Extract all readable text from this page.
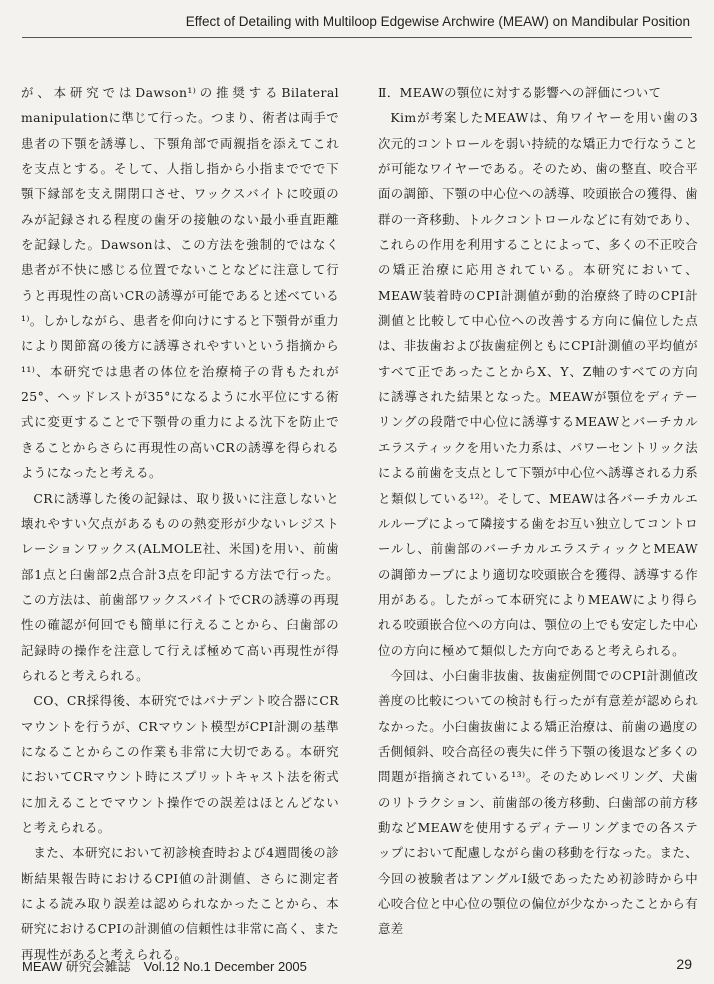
Effect of Detailing with Multiloop Edgewise Archwire (MEAW) on Mandibular Position

が、本研究ではDawson¹⁾の推奨するBilateral manipulationに準じて行った。つまり、術者は両手で患者の下顎を誘導し、下顎角部で両親指を添えてこれを支点とする。そして、人指し指から小指まででで下顎下縁部を支え開閉口させ、ワックスバイトに咬頭のみが記録される程度の歯牙の接触のない最小垂直距離を記録した。Dawsonは、この方法を強制的ではなく患者が不快に感じる位置でないことなどに注意して行うと再現性の高いCRの誘導が可能であると述べている¹⁾。しかしながら、患者を仰向けにすると下顎骨が重力により関節窩の後方に誘導されやすいという指摘から¹¹⁾、本研究では患者の体位を治療椅子の背もたれが25°、ヘッドレストが35°になるように水平位にする術式に変更することで下顎骨の重力による沈下を防止できることからさらに再現性の高いCRの誘導を得られるようになったと考える。

CRに誘導した後の記録は、取り扱いに注意しないと壊れやすい欠点があるものの熱変形が少ないレジストレーションワックス(ALMOLE社、米国)を用い、前歯部1点と臼歯部2点合計3点を印記する方法で行った。この方法は、前歯部ワックスバイトでCRの誘導の再現性の確認が何回でも簡単に行えることから、臼歯部の記録時の操作を注意して行えば極めて高い再現性が得られると考えられる。

CO、CR採得後、本研究ではパナデント咬合器にCRマウントを行うが、CRマウント模型がCPI計測の基準になることからこの作業も非常に大切である。本研究においてCRマウント時にスプリットキャスト法を術式に加えることでマウント操作での誤差はほとんどないと考えられる。

また、本研究において初診検査時および4週間後の診断結果報告時におけるCPI値の計測値、さらに測定者による読み取り誤差は認められなかったことから、本研究におけるCPIの計測値の信頼性は非常に高く、また再現性があると考えられる。

Ⅱ．MEAWの顎位に対する影響への評価について

Kimが考案したMEAWは、角ワイヤーを用い歯の3次元的コントロールを弱い持続的な矯正力で行なうことが可能なワイヤーである。そのため、歯の整直、咬合平面の調節、下顎の中心位への誘導、咬頭嵌合の獲得、歯群の一斉移動、トルクコントロールなどに有効であり、これらの作用を利用することによって、多くの不正咬合の矯正治療に応用されている。本研究において、MEAW装着時のCPI計測値が動的治療終了時のCPI計測値と比較して中心位への改善する方向に偏位した点は、非抜歯および抜歯症例ともにCPI計測値の平均値がすべて正であったことからX、Y、Z軸のすべての方向に誘導された結果となった。MEAWが顎位をディテーリングの段階で中心位に誘導するMEAWとバーチカルエラスティックを用いた力系は、パワーセントリック法による前歯を支点として下顎が中心位へ誘導される力系と類似している¹²⁾。そして、MEAWは各バーチカルエルループによって隣接する歯をお互い独立してコントロールし、前歯部のバーチカルエラスティックとMEAWの調節カーブにより適切な咬頭嵌合を獲得、誘導する作用がある。したがって本研究によりMEAWにより得られる咬頭嵌合位への方向は、顎位の上でも安定した中心位の方向に極めて類似した方向であると考えられる。

今回は、小臼歯非抜歯、抜歯症例間でのCPI計測値改善度の比較についての検討も行ったが有意差が認められなかった。小臼歯抜歯による矯正治療は、前歯の過度の舌側傾斜、咬合高径の喪失に伴う下顎の後退など多くの問題が指摘されている¹³⁾。そのためレベリング、犬歯のリトラクション、前歯部の後方移動、臼歯部の前方移動などMEAWを使用するディテーリングまでの各ステップにおいて配慮しながら歯の移動を行なった。また、今回の被験者はアングルⅠ級であったため初診時から中心咬合位と中心位の顎位の偏位が少なかったことから有意差

MEAW 研究会雑誌　Vol.12 No.1 December 2005	29
